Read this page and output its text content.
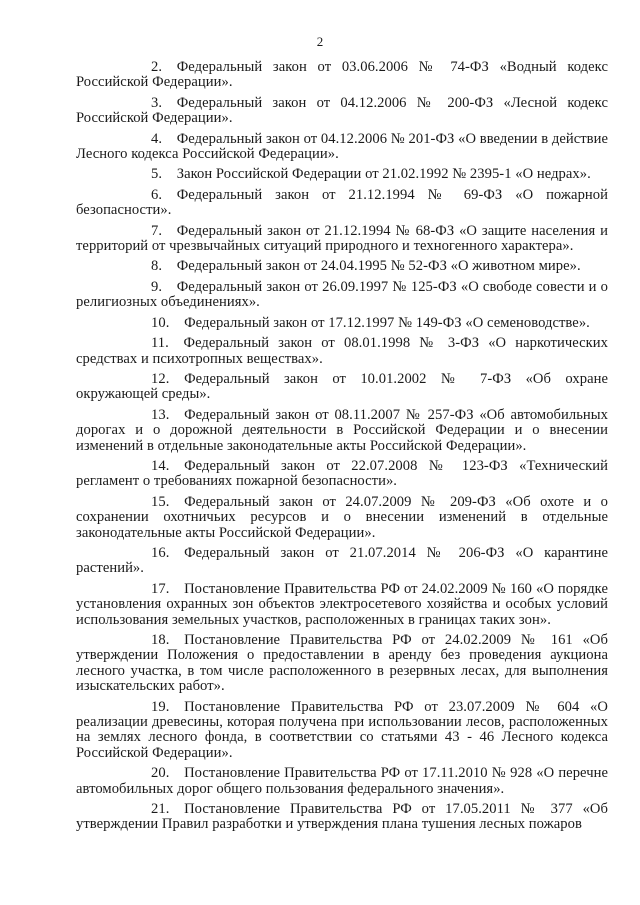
2

2.  Федеральный закон от 03.06.2006 № 74-ФЗ «Водный кодекс Российской Федерации».

3.  Федеральный закон от 04.12.2006 № 200-ФЗ «Лесной кодекс Российской Федерации».

4.  Федеральный закон от 04.12.2006 № 201-ФЗ «О введении в действие Лесного кодекса Российской Федерации».

5.  Закон Российской Федерации от 21.02.1992 № 2395-1 «О недрах».

6.  Федеральный закон от 21.12.1994 № 69-ФЗ «О пожарной безопасности».

7.  Федеральный закон от 21.12.1994 № 68-ФЗ «О защите населения и территорий от чрезвычайных ситуаций природного и техногенного характера».

8.  Федеральный закон от 24.04.1995 № 52-ФЗ «О животном мире».

9.  Федеральный закон от 26.09.1997 № 125-ФЗ «О свободе совести и о религиозных объединениях».

10.  Федеральный закон от 17.12.1997 № 149-ФЗ «О семеноводстве».

11.  Федеральный закон от 08.01.1998 № 3-ФЗ «О наркотических средствах и психотропных веществах».

12.  Федеральный закон от 10.01.2002 № 7-ФЗ «Об охране окружающей среды».

13.  Федеральный закон от 08.11.2007 № 257-ФЗ «Об автомобильных дорогах и о дорожной деятельности в Российской Федерации и о внесении изменений в отдельные законодательные акты Российской Федерации».

14.  Федеральный закон от 22.07.2008 № 123-ФЗ «Технический регламент о требованиях пожарной безопасности».

15.  Федеральный закон от 24.07.2009 № 209-ФЗ «Об охоте и о сохранении охотничьих ресурсов и о внесении изменений в отдельные законодательные акты Российской Федерации».

16.  Федеральный закон от 21.07.2014 № 206-ФЗ «О карантине растений».

17.  Постановление Правительства РФ от 24.02.2009 № 160 «О порядке установления охранных зон объектов электросетевого хозяйства и особых условий использования земельных участков, расположенных в границах таких зон».

18.  Постановление Правительства РФ от 24.02.2009 № 161 «Об утверждении Положения о предоставлении в аренду без проведения аукциона лесного участка, в том числе расположенного в резервных лесах, для выполнения изыскательских работ».

19.  Постановление Правительства РФ от 23.07.2009 № 604 «О реализации древесины, которая получена при использовании лесов, расположенных на землях лесного фонда, в соответствии со статьями 43 - 46 Лесного кодекса Российской Федерации».

20.  Постановление Правительства РФ от 17.11.2010 № 928 «О перечне автомобильных дорог общего пользования федерального значения».

21.  Постановление Правительства РФ от 17.05.2011 № 377 «Об утверждении Правил разработки и утверждения плана тушения лесных пожаров
